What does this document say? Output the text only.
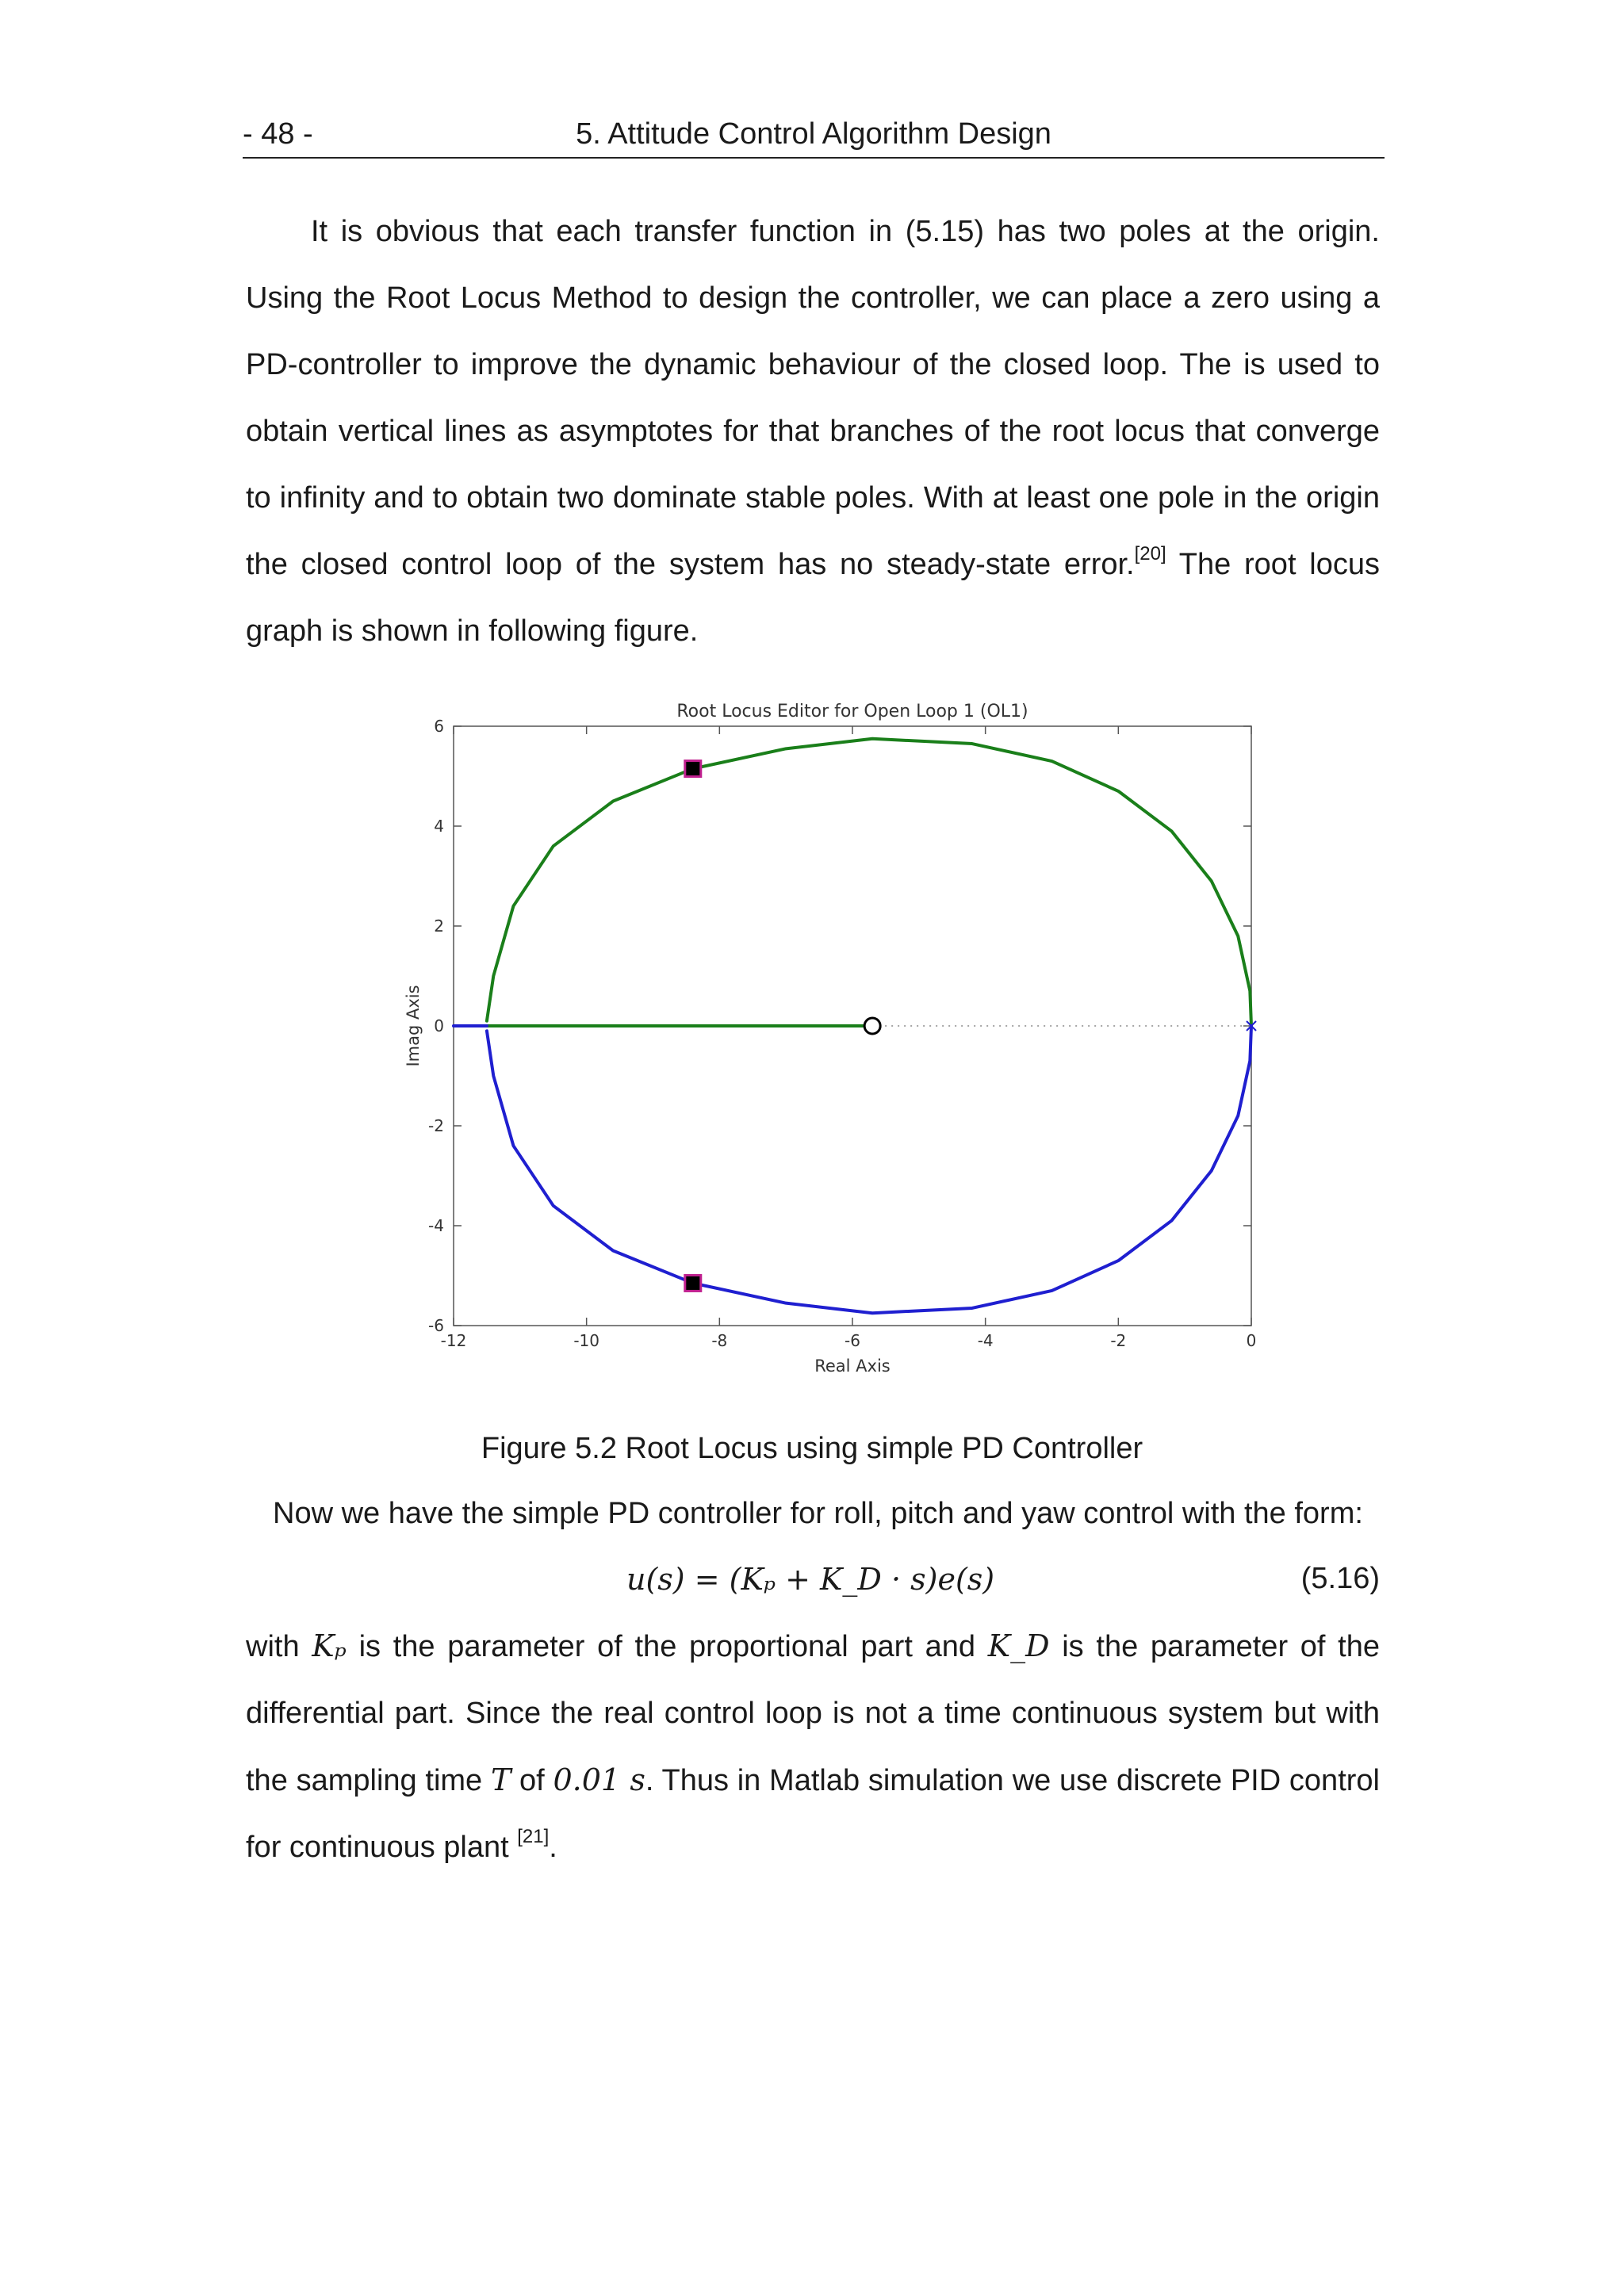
- 48 -	5. Attitude Control Algorithm Design

It is obvious that each transfer function in (5.15) has two poles at the origin. Using the Root Locus Method to design the controller, we can place a zero using a PD-controller to improve the dynamic behaviour of the closed loop. The is used to obtain vertical lines as asymptotes for that branches of the root locus that converge to infinity and to obtain two dominate stable poles. With at least one pole in the origin the closed control loop of the system has no steady-state error.[20] The root locus graph is shown in following figure.

Root Locus Editor for Open Loop 1 (OL1)
-12	-10	-8	-6	-4	-2	0
-6
-4
-2
0
2
4
6
Real Axis
Imag Axis
Figure 5.2 Root Locus using simple PD Controller
Now we have the simple PD controller for roll, pitch and yaw control with the form:
u(s) = (Kₚ + K_D · s)e(s)	(5.16)

with Kₚ is the parameter of the proportional part and K_D is the parameter of the differential part. Since the real control loop is not a time continuous system but with the sampling time T of 0.01 s. Thus in Matlab simulation we use discrete PID control for continuous plant [21].
